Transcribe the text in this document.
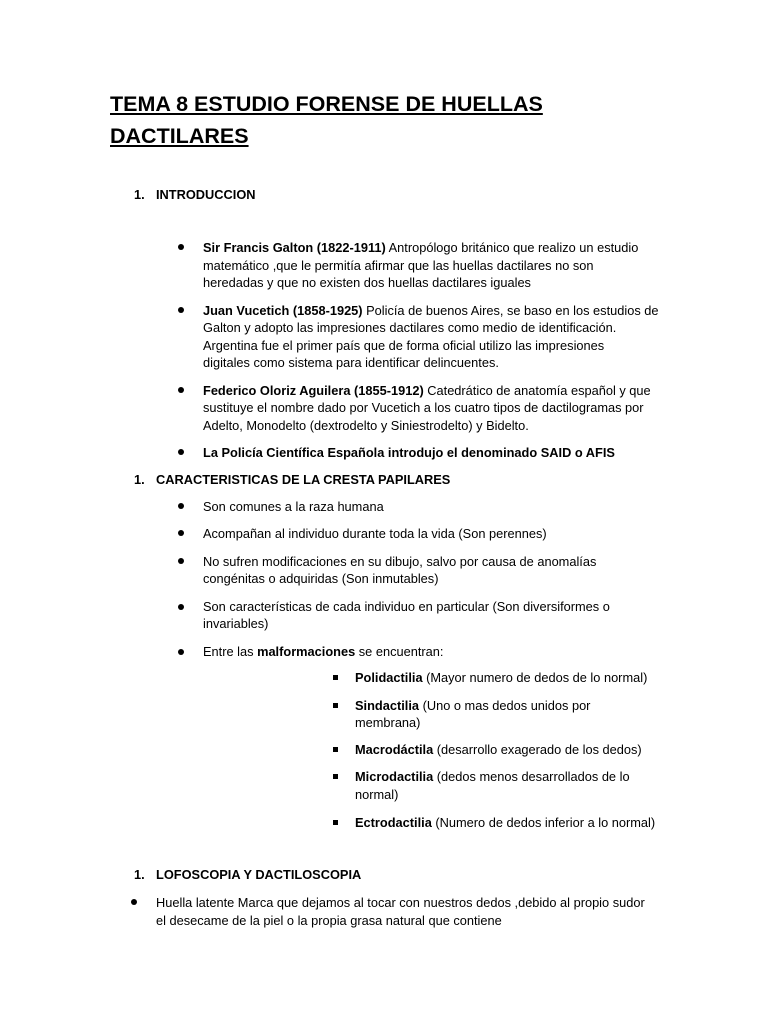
TEMA 8 ESTUDIO FORENSE DE HUELLAS
DACTILARES
1. INTRODUCCION

Sir Francis Galton (1822-1911) Antropólogo británico que realizo un estudio

matemático ,que le permitía afirmar que las huellas dactilares no son

heredadas y que no existen dos huellas dactilares iguales

Juan Vucetich (1858-1925) Policía de buenos Aires, se baso en los estudios de

Galton y adopto las impresiones dactilares como medio de identificación.

Argentina fue el primer país que de forma oficial utilizo las impresiones

digitales como sistema para identificar delincuentes.

Federico Oloriz Aguilera (1855-1912) Catedrático de anatomía español y que

sustituye el nombre dado por Vucetich a los cuatro tipos de dactilogramas por

Adelto, Monodelto (dextrodelto y Siniestrodelto) y Bidelto.

La Policía Científica Española introdujo el denominado SAID o AFIS

1. CARACTERISTICAS DE LA CRESTA PAPILARES

Son comunes a la raza humana

Acompañan al individuo durante toda la vida (Son perennes)

No sufren modificaciones en su dibujo, salvo por causa de anomalías

congénitas o adquiridas (Son inmutables)

Son características de cada individuo en particular (Son diversiformes o

invariables)

Entre las malformaciones se encuentran:

Polidactilia (Mayor numero de dedos de lo normal)

Sindactilia (Uno o mas dedos unidos por

membrana)

Macrodáctila (desarrollo exagerado de los dedos)

Microdactilia (dedos menos desarrollados de lo

normal)

Ectrodactilia (Numero de dedos inferior a lo normal)

1. LOFOSCOPIA Y DACTILOSCOPIA

Huella latente Marca que dejamos al tocar con nuestros dedos ,debido al propio sudor

el desecame de la piel o la propia grasa natural que contiene
